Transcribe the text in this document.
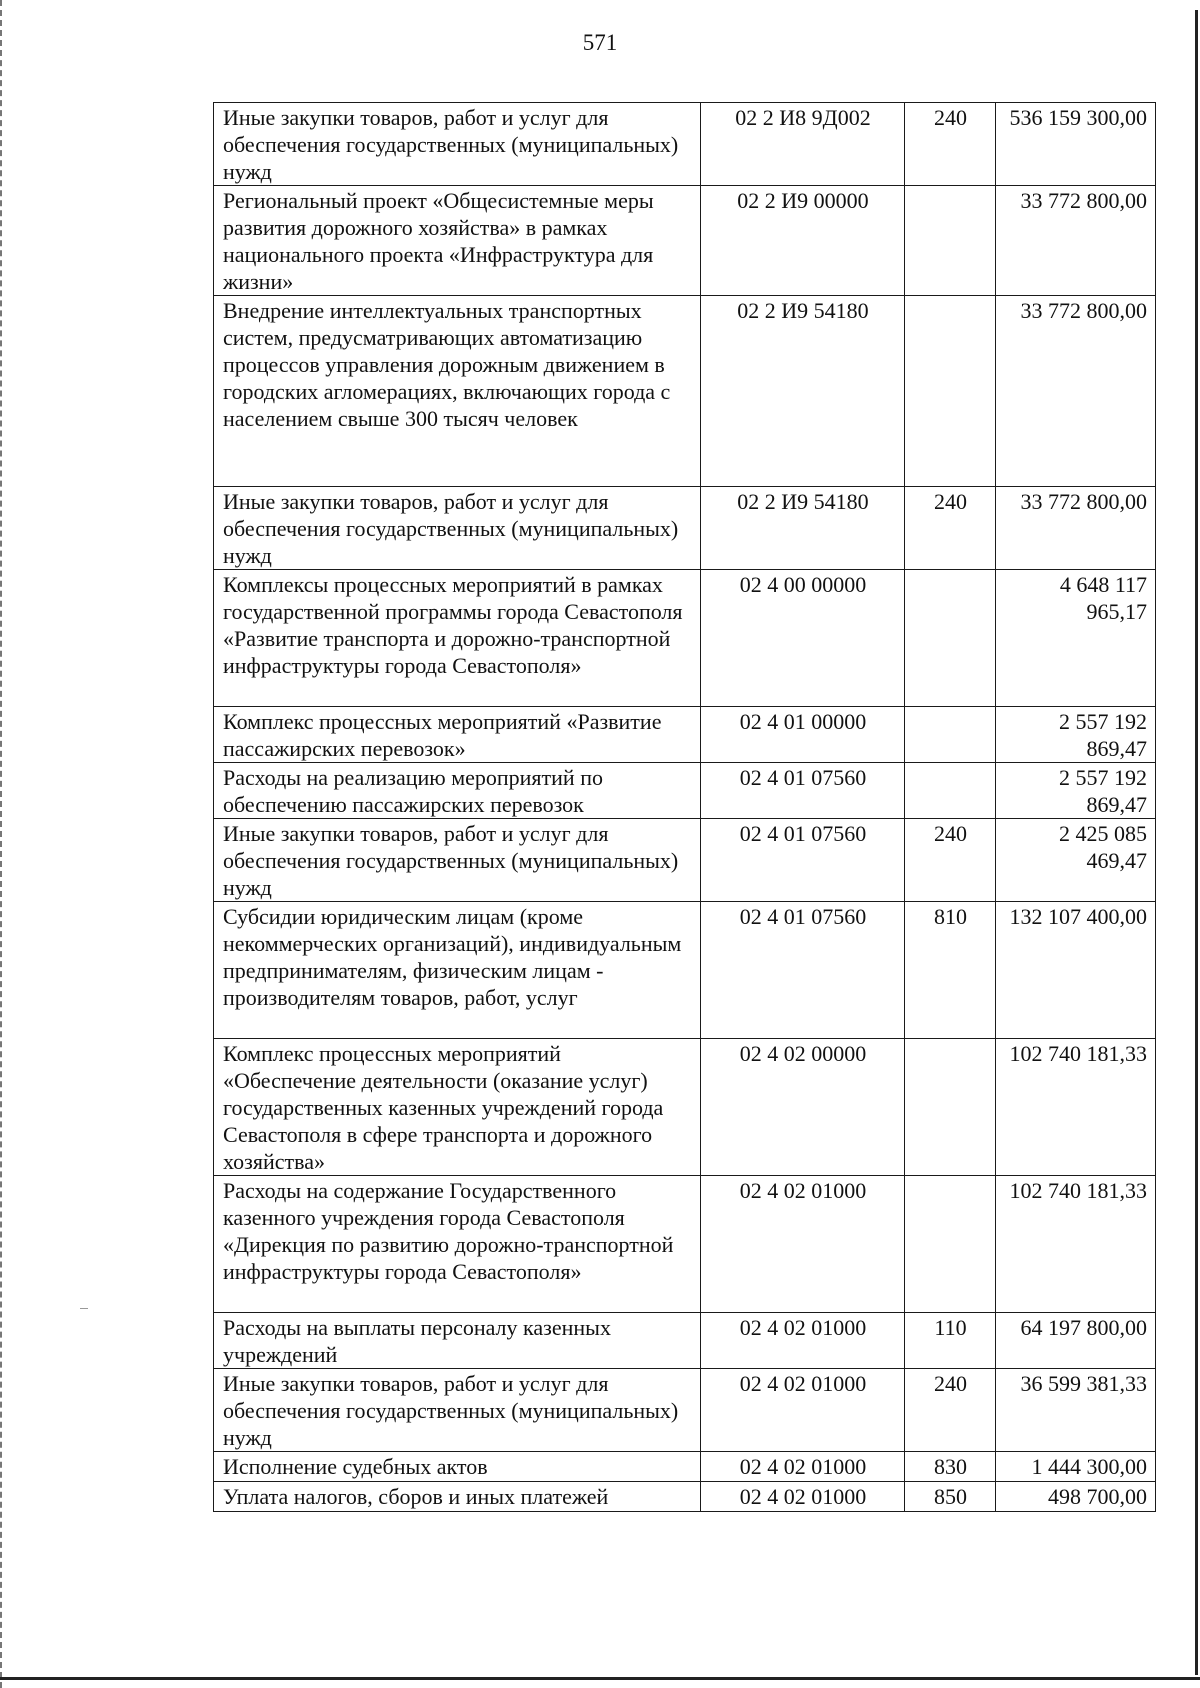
571
Иные закупки товаров, работ и услуг для обеспечения государственных (муниципальных) нужд	02 2 И8 9Д002	240	536 159 300,00
Региональный проект «Общесистемные меры развития дорожного хозяйства» в рамках национального проекта «Инфраструктура для жизни»	02 2 И9 00000		33 772 800,00
Внедрение интеллектуальных транспортных систем, предусматривающих автоматизацию процессов управления дорожным движением в городских агломерациях, включающих города с населением свыше 300 тысяч человек	02 2 И9 54180		33 772 800,00
Иные закупки товаров, работ и услуг для обеспечения государственных (муниципальных) нужд	02 2 И9 54180	240	33 772 800,00
Комплексы процессных мероприятий в рамках государственной программы города Севастополя «Развитие транспорта и дорожно-транспортной инфраструктуры города Севастополя»	02 4 00 00000		4 648 117 965,17
Комплекс процессных мероприятий «Развитие пассажирских перевозок»	02 4 01 00000		2 557 192 869,47
Расходы на реализацию мероприятий по обеспечению пассажирских перевозок	02 4 01 07560		2 557 192 869,47
Иные закупки товаров, работ и услуг для обеспечения государственных (муниципальных) нужд	02 4 01 07560	240	2 425 085 469,47
Субсидии юридическим лицам (кроме некоммерческих организаций), индивидуальным предпринимателям, физическим лицам - производителям товаров, работ, услуг	02 4 01 07560	810	132 107 400,00
Комплекс процессных мероприятий «Обеспечение деятельности (оказание услуг) государственных казенных учреждений города Севастополя в сфере транспорта и дорожного хозяйства»	02 4 02 00000		102 740 181,33
Расходы на содержание Государственного казенного учреждения города Севастополя «Дирекция по развитию дорожно-транспортной инфраструктуры города Севастополя»	02 4 02 01000		102 740 181,33
Расходы на выплаты персоналу казенных учреждений	02 4 02 01000	110	64 197 800,00
Иные закупки товаров, работ и услуг для обеспечения государственных (муниципальных) нужд	02 4 02 01000	240	36 599 381,33
Исполнение судебных актов	02 4 02 01000	830	1 444 300,00
Уплата налогов, сборов и иных платежей	02 4 02 01000	850	498 700,00
